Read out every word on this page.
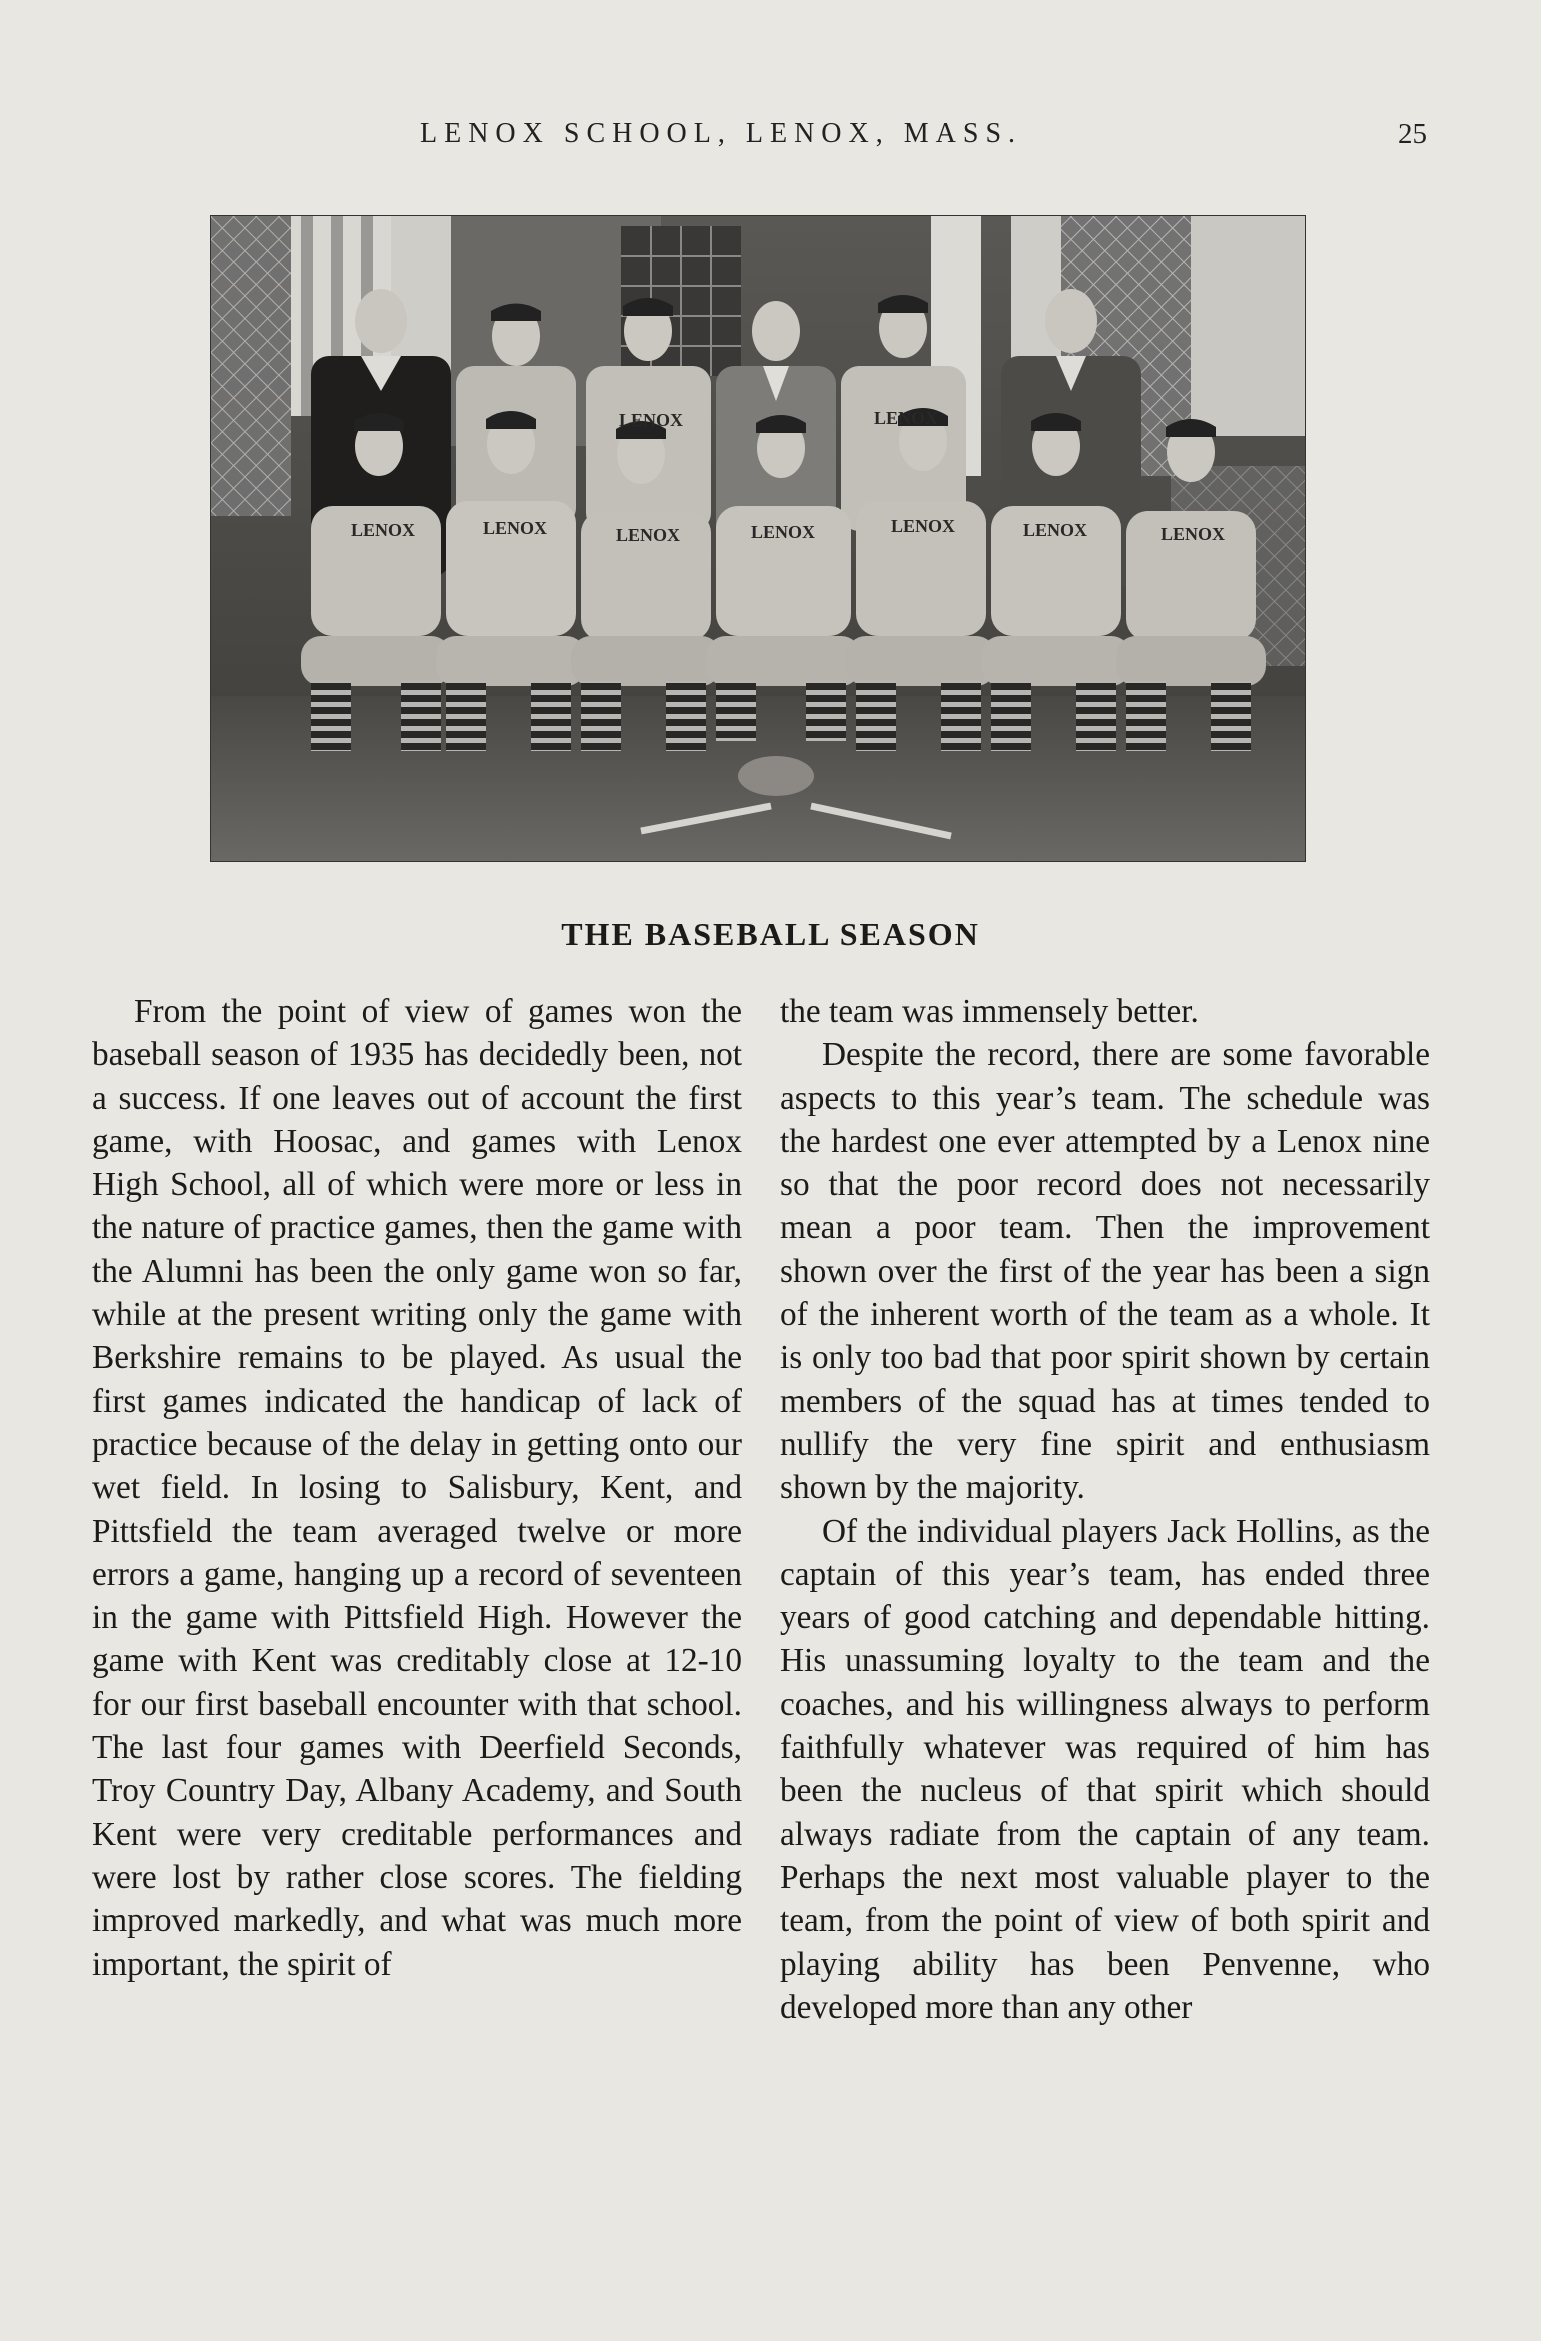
LENOX SCHOOL, LENOX, MASS.	25
LENOX	LENOX	LENOX	LENOX	LENOX	LENOX	LENOX
LENOX	LENOX
THE BASEBALL SEASON

From the point of view of games won the baseball season of 1935 has decidedly been, not a success. If one leaves out of account the first game, with Hoosac, and games with Lenox High School, all of which were more or less in the nature of practice games, then the game with the Alumni has been the only game won so far, while at the present writing only the game with Berkshire remains to be played. As usual the first games indicated the handicap of lack of practice because of the delay in getting onto our wet field. In losing to Salisbury, Kent, and Pittsfield the team averaged twelve or more errors a game, hanging up a record of seventeen in the game with Pittsfield High. However the game with Kent was creditably close at 12-10 for our first baseball encounter with that school. The last four games with Deerfield Seconds, Troy Country Day, Albany Academy, and South Kent were very creditable performances and were lost by rather close scores. The fielding improved markedly, and what was much more important, the spirit of

the team was immensely better.

Despite the record, there are some favorable aspects to this year’s team. The schedule was the hardest one ever attempted by a Lenox nine so that the poor record does not necessarily mean a poor team. Then the improvement shown over the first of the year has been a sign of the inherent worth of the team as a whole. It is only too bad that poor spirit shown by certain members of the squad has at times tended to nullify the very fine spirit and enthusiasm shown by the majority.

Of the individual players Jack Hollins, as the captain of this year’s team, has ended three years of good catching and dependable hitting. His unassuming loyalty to the team and the coaches, and his willingness always to perform faithfully whatever was required of him has been the nucleus of that spirit which should always radiate from the captain of any team. Perhaps the next most valuable player to the team, from the point of view of both spirit and playing ability has been Penvenne, who developed more than any other
